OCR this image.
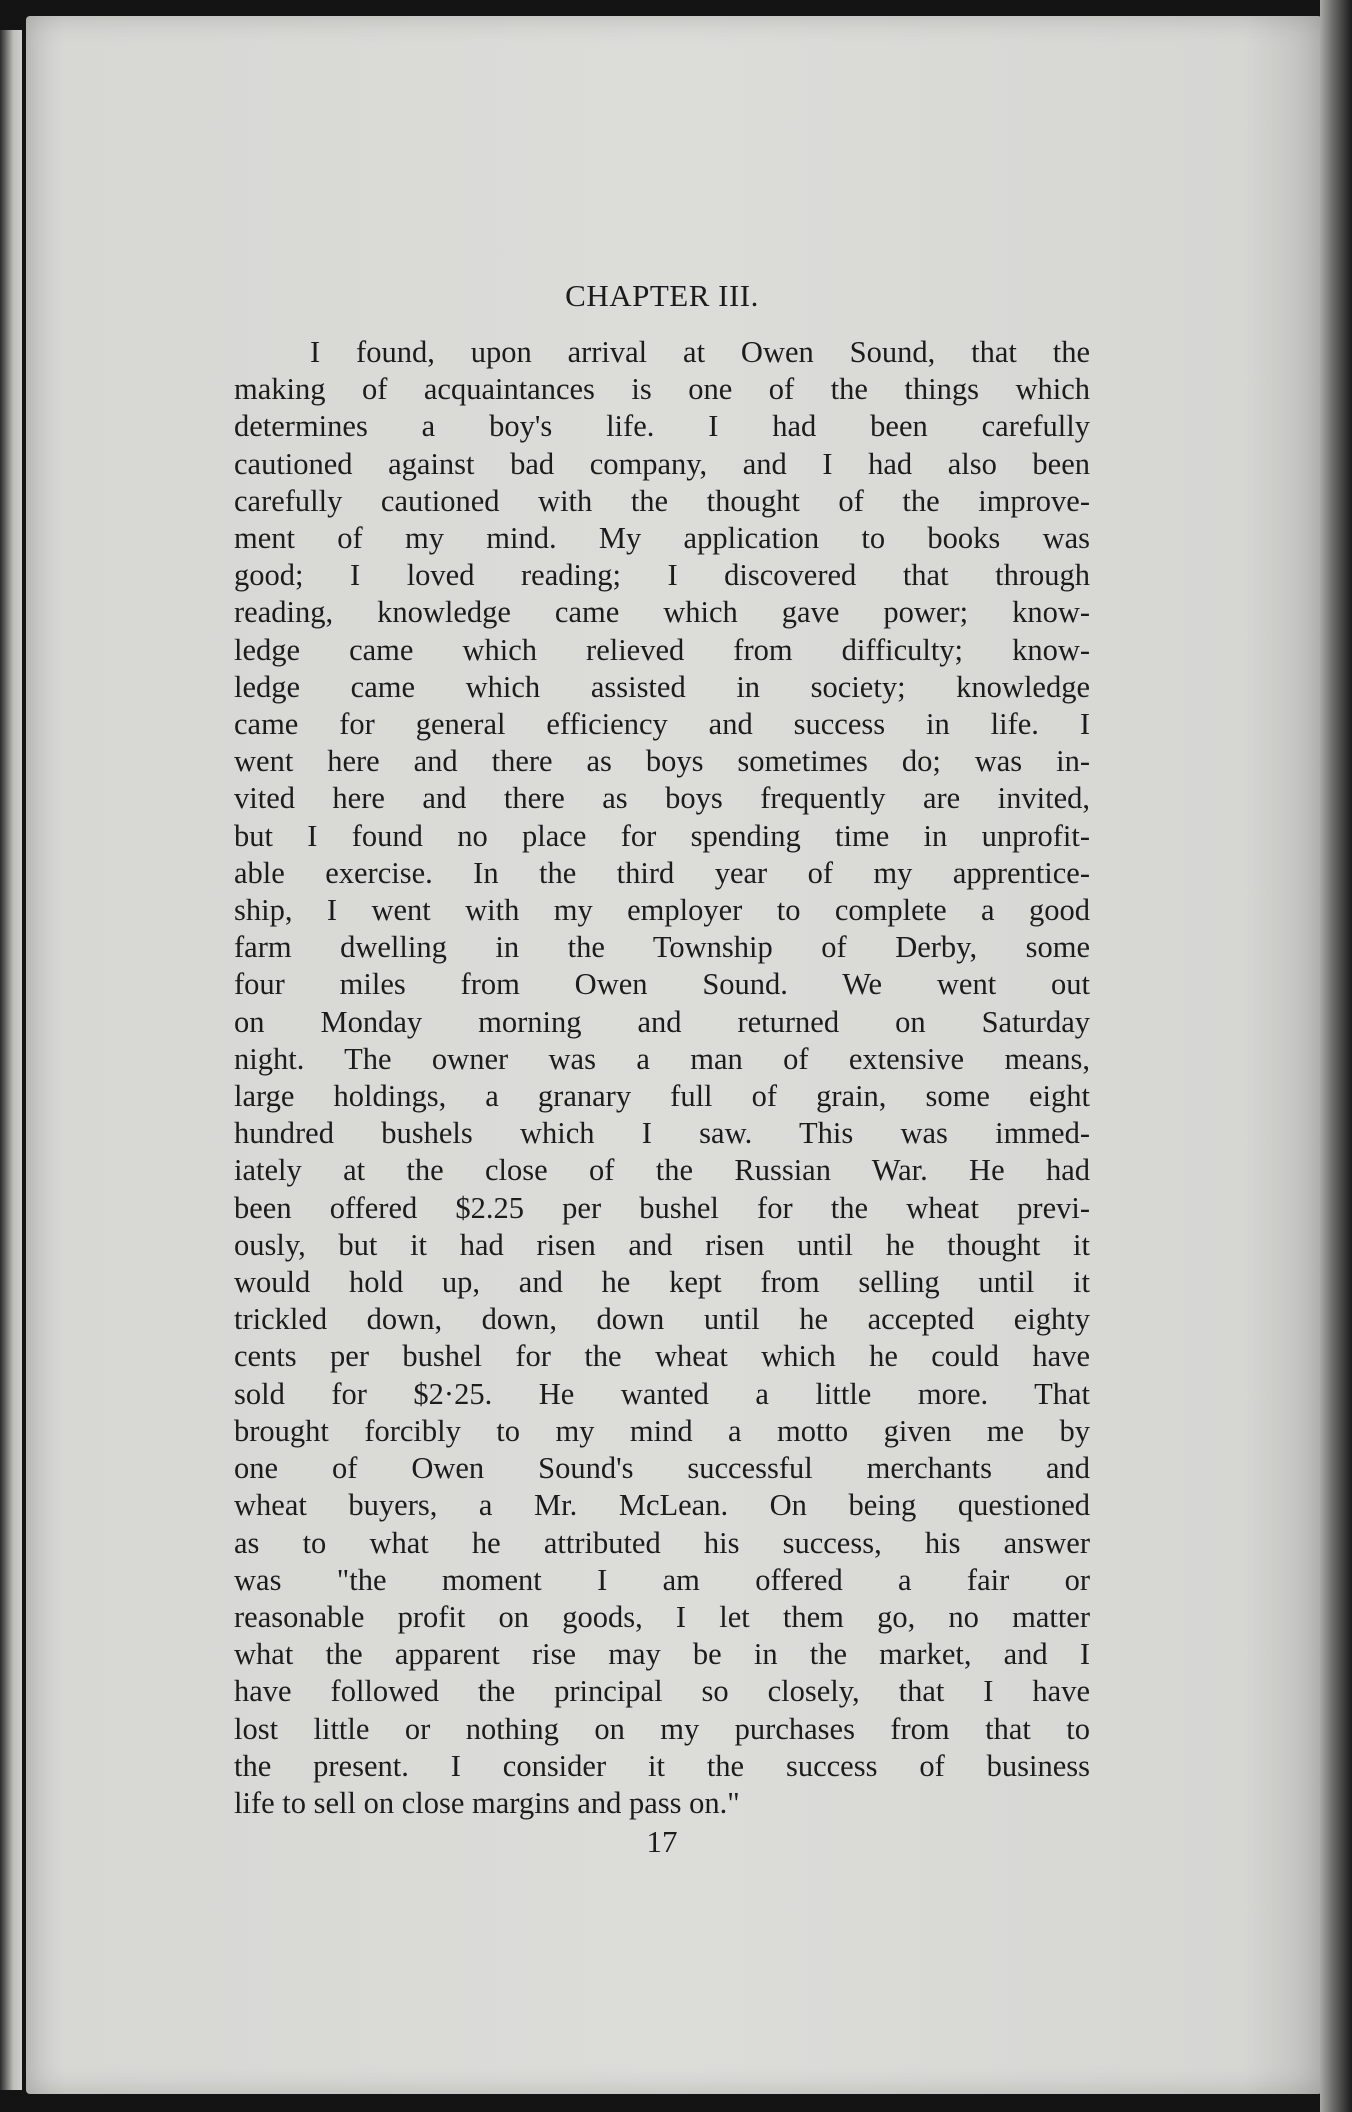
CHAPTER III.
I found, upon arrival at Owen Sound, that the
making of acquaintances is one of the things which
determines a boy's life. I had been carefully
cautioned against bad company, and I had also been
carefully cautioned with the thought of the improve-
ment of my mind. My application to books was
good; I loved reading; I discovered that through
reading, knowledge came which gave power; know-
ledge came which relieved from difficulty; know-
ledge came which assisted in society; knowledge
came for general efficiency and success in life. I
went here and there as boys sometimes do; was in-
vited here and there as boys frequently are invited,
but I found no place for spending time in unprofit-
able exercise. In the third year of my apprentice-
ship, I went with my employer to complete a good
farm dwelling in the Township of Derby, some
four miles from Owen Sound. We went out
on Monday morning and returned on Saturday
night. The owner was a man of extensive means,
large holdings, a granary full of grain, some eight
hundred bushels which I saw. This was immed-
iately at the close of the Russian War. He had
been offered $2.25 per bushel for the wheat previ-
ously, but it had risen and risen until he thought it
would hold up, and he kept from selling until it
trickled down, down, down until he accepted eighty
cents per bushel for the wheat which he could have
sold for $2·25. He wanted a little more. That
brought forcibly to my mind a motto given me by
one of Owen Sound's successful merchants and
wheat buyers, a Mr. McLean. On being questioned
as to what he attributed his success, his answer
was "the moment I am offered a fair or
reasonable profit on goods, I let them go, no matter
what the apparent rise may be in the market, and I
have followed the principal so closely, that I have
lost little or nothing on my purchases from that to
the present. I consider it the success of business
life to sell on close margins and pass on."
17
